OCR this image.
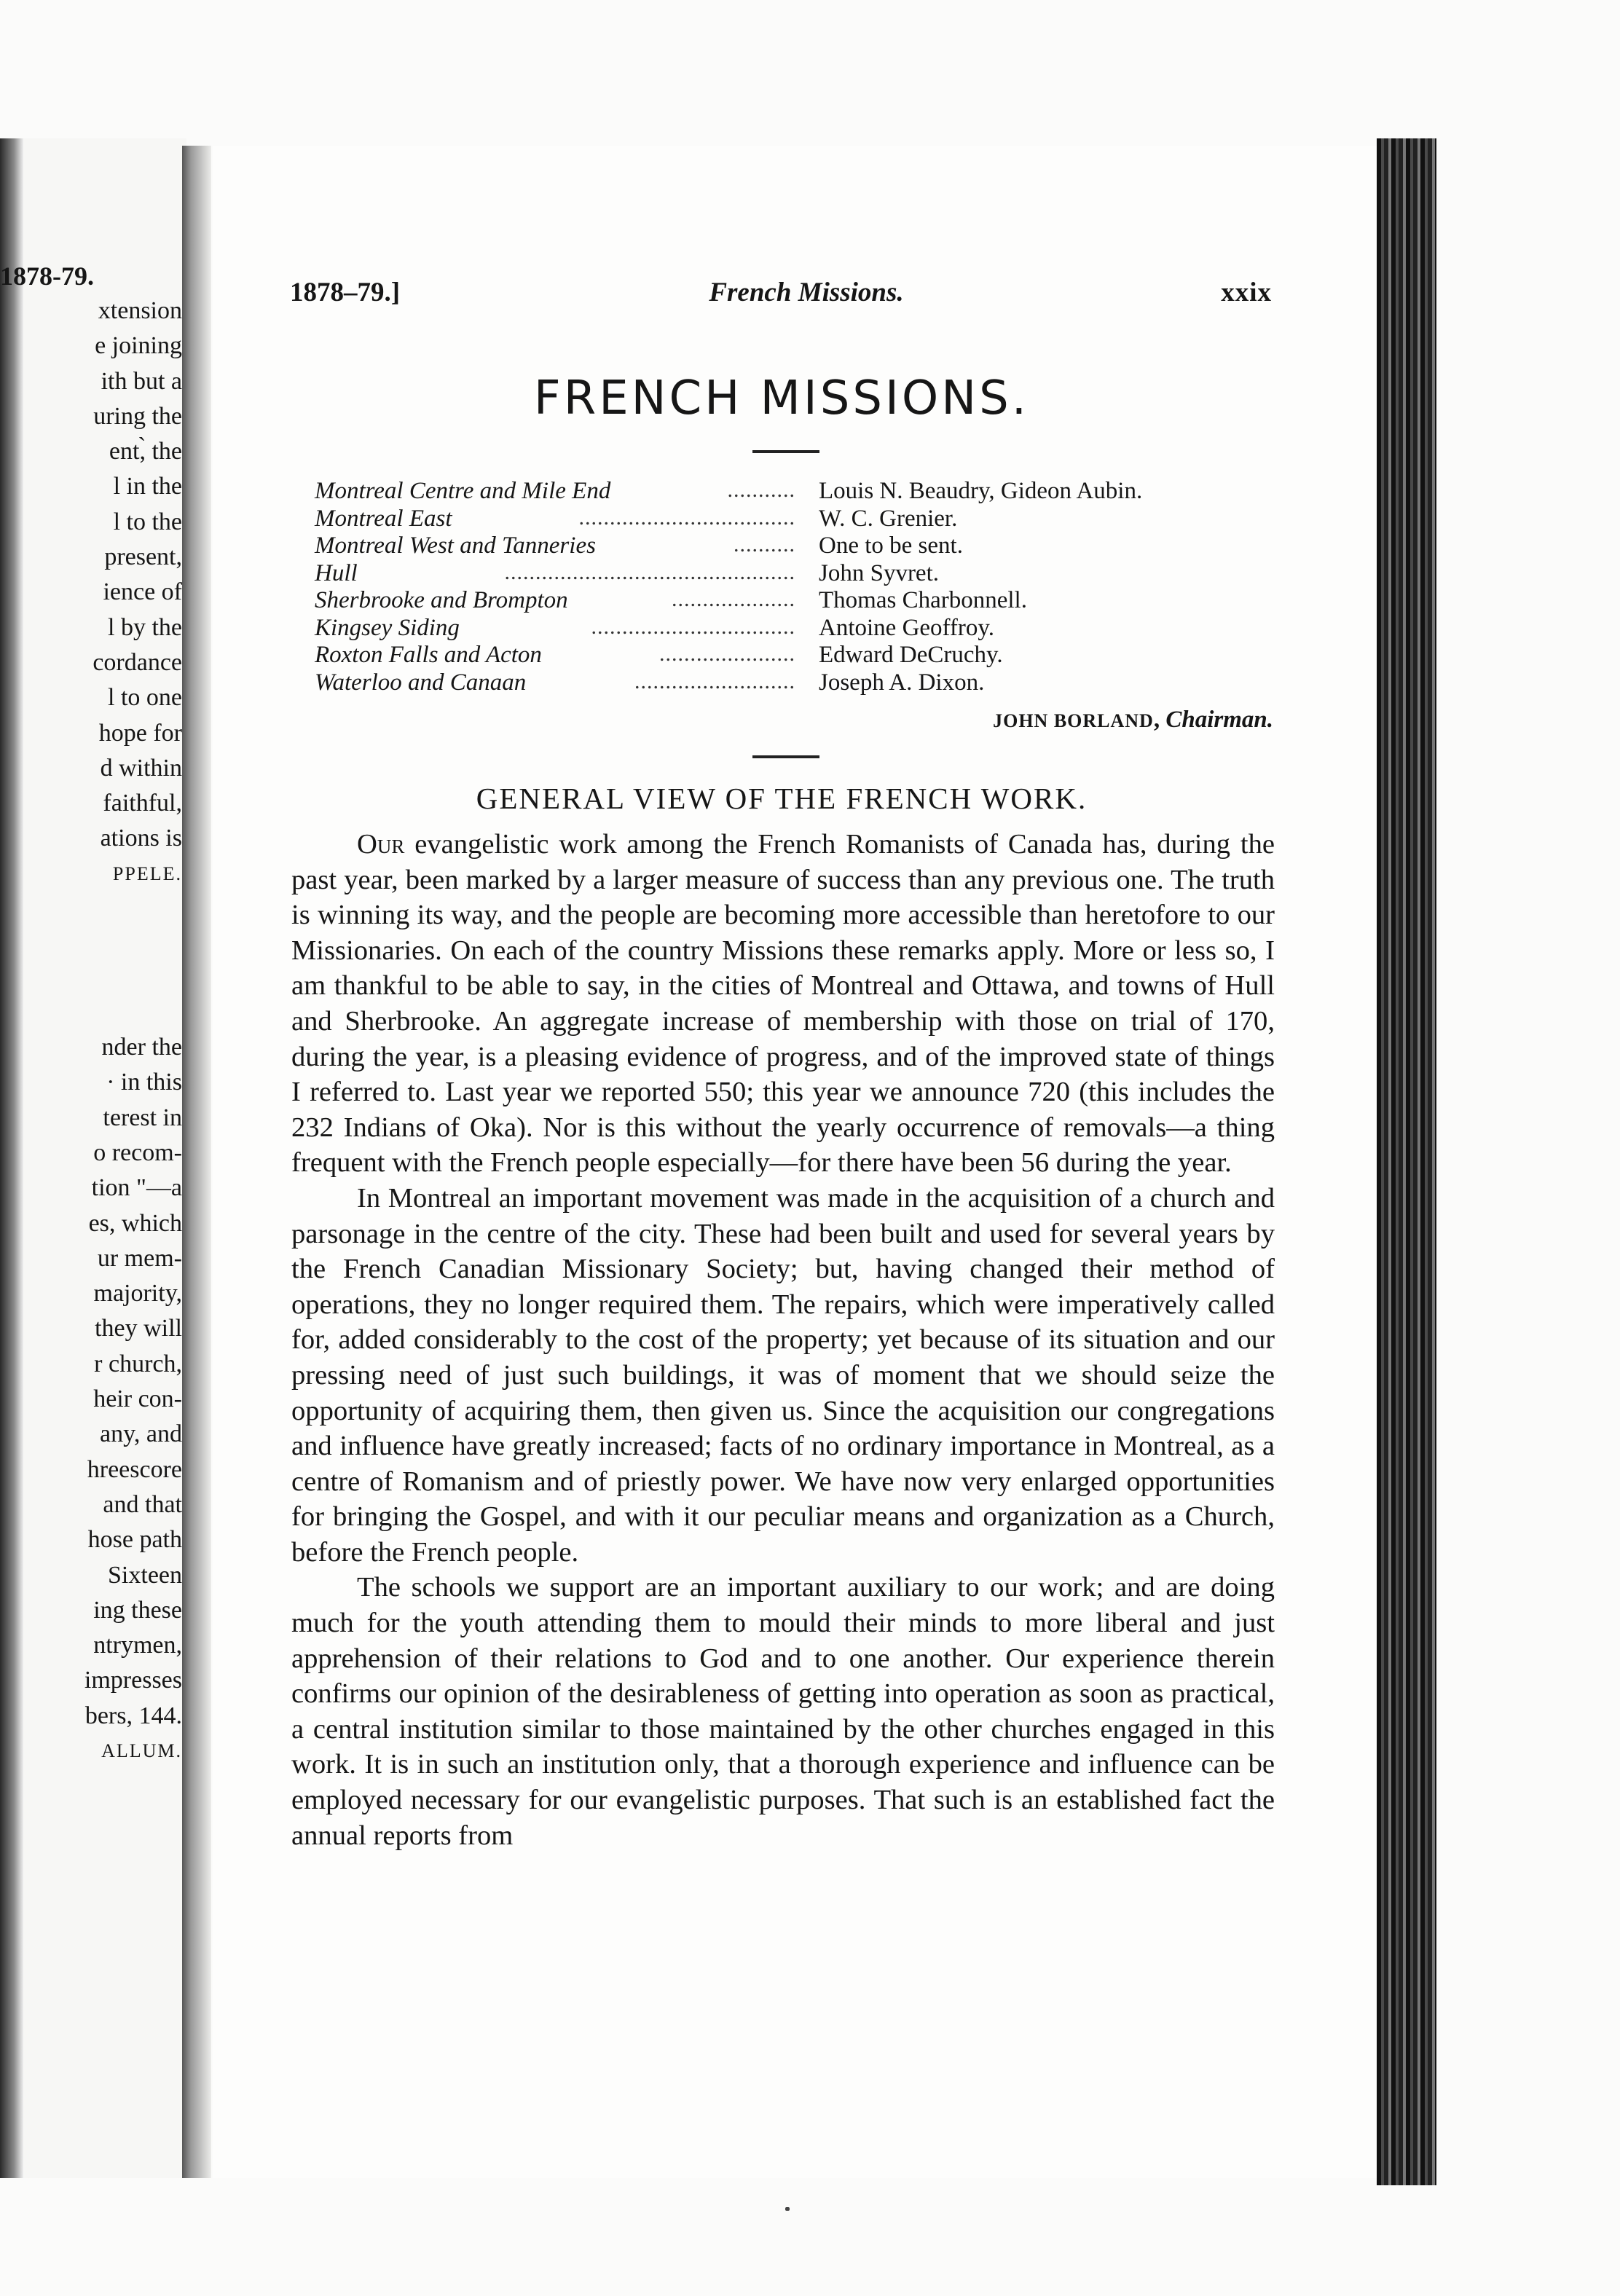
1878-79.
xtension
e joining
ith but a
uring the
ent,̀ the
l in the
l to the
present,
ience of
l by the
cordance
l to one
hope for
d within
faithful,
ations is
PPELE.
nder the
· in this
terest in
o recom-
tion "—a
es, which
ur mem-
majority,
they will
r church,
heir con-
any, and
hreescore
and that
hose path
Sixteen
ing these
ntrymen,
impresses
bers, 144.
ALLUM.
1878–79.]	French Missions.	xxix
FRENCH MISSIONS.
Montreal Centre and Mile End	........... Louis N. Beaudry, Gideon Aubin.
Montreal East	................................... W. C. Grenier.
Montreal West and Tanneries	.......... One to be sent.
Hull	............................................... John Syvret.
Sherbrooke and Brompton	.................... Thomas Charbonnell.
Kingsey Siding	................................. Antoine Geoffroy.
Roxton Falls and Acton	...................... Edward DeCruchy.
Waterloo and Canaan	.......................... Joseph A. Dixon.
JOHN BORLAND, Chairman.
GENERAL VIEW OF THE FRENCH WORK.

Our evangelistic work among the French Romanists of Canada has, during the past year, been marked by a larger measure of success than any previous one. The truth is winning its way, and the people are becoming more accessible than heretofore to our Missionaries. On each of the country Missions these remarks apply. More or less so, I am thankful to be able to say, in the cities of Montreal and Ottawa, and towns of Hull and Sherbrooke. An aggregate increase of membership with those on trial of 170, during the year, is a pleasing evidence of progress, and of the improved state of things I referred to. Last year we reported 550; this year we announce 720 (this includes the 232 Indians of Oka). Nor is this without the yearly occurrence of removals—a thing frequent with the French people especially—for there have been 56 during the year.

In Montreal an important movement was made in the acquisition of a church and parsonage in the centre of the city. These had been built and used for several years by the French Canadian Missionary Society; but, having changed their method of operations, they no longer required them. The repairs, which were imperatively called for, added considerably to the cost of the property; yet because of its situation and our pressing need of just such buildings, it was of moment that we should seize the opportunity of acquiring them, then given us. Since the acquisition our congregations and influence have greatly increased; facts of no ordinary importance in Montreal, as a centre of Romanism and of priestly power. We have now very enlarged opportunities for bringing the Gospel, and with it our peculiar means and organization as a Church, before the French people.

The schools we support are an important auxiliary to our work; and are doing much for the youth attending them to mould their minds to more liberal and just apprehension of their relations to God and to one another. Our experience therein confirms our opinion of the desirableness of getting into operation as soon as practical, a central institution similar to those maintained by the other churches engaged in this work. It is in such an institution only, that a thorough experience and influence can be employed necessary for our evangelistic purposes. That such is an established fact the annual reports from
